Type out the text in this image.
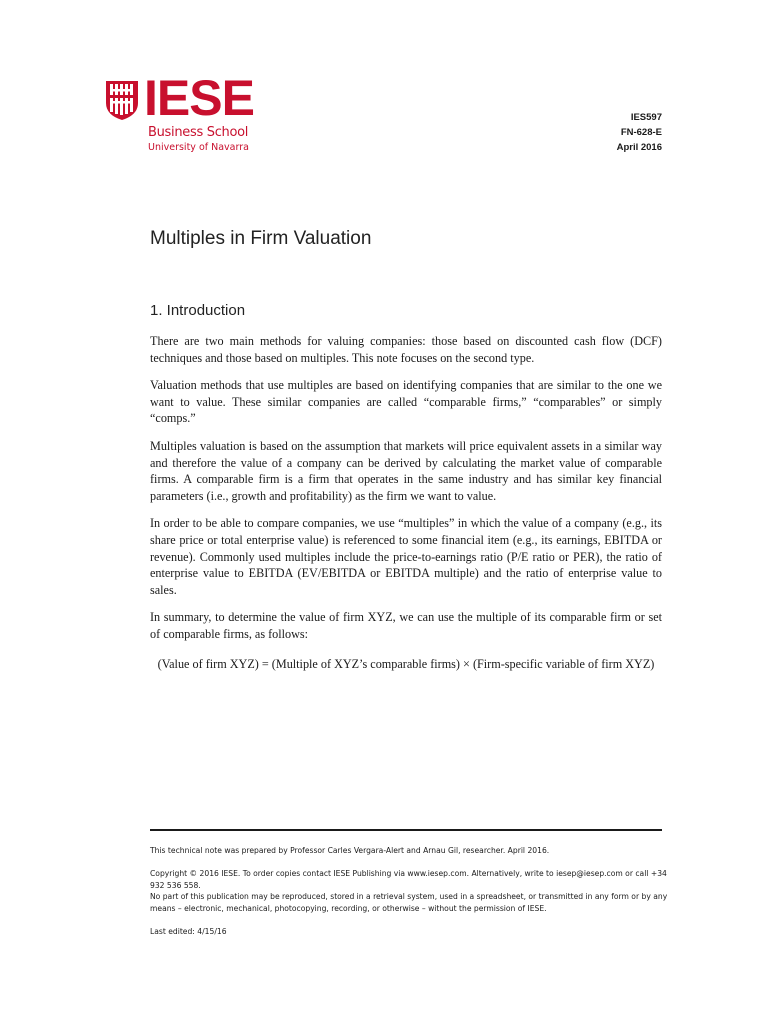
IESE
Business School
University of Navarra
IES597
FN-628-E
April 2016
Multiples in Firm Valuation
1. Introduction

There are two main methods for valuing companies: those based on discounted cash flow (DCF) techniques and those based on multiples. This note focuses on the second type.

Valuation methods that use multiples are based on identifying companies that are similar to the one we want to value. These similar companies are called “comparable firms,” “comparables” or simply “comps.”

Multiples valuation is based on the assumption that markets will price equivalent assets in a similar way and therefore the value of a company can be derived by calculating the market value of comparable firms. A comparable firm is a firm that operates in the same industry and has similar key financial parameters (i.e., growth and profitability) as the firm we want to value.

In order to be able to compare companies, we use “multiples” in which the value of a company (e.g., its share price or total enterprise value) is referenced to some financial item (e.g., its earnings, EBITDA or revenue). Commonly used multiples include the price-to-earnings ratio (P/E ratio or PER), the ratio of enterprise value to EBITDA (EV/EBITDA or EBITDA multiple) and the ratio of enterprise value to sales.

In summary, to determine the value of firm XYZ, we can use the multiple of its comparable firm or set of comparable firms, as follows:

(Value of firm XYZ) = (Multiple of XYZ’s comparable firms) × (Firm-specific variable of firm XYZ)

This technical note was prepared by Professor Carles Vergara-Alert and Arnau Gil, researcher. April 2016.

Copyright © 2016 IESE. To order copies contact IESE Publishing via www.iesep.com. Alternatively, write to iesep@iesep.com or call +34 932 536 558.

No part of this publication may be reproduced, stored in a retrieval system, used in a spreadsheet, or transmitted in any form or by any means – electronic, mechanical, photocopying, recording, or otherwise – without the permission of IESE.

Last edited: 4/15/16
